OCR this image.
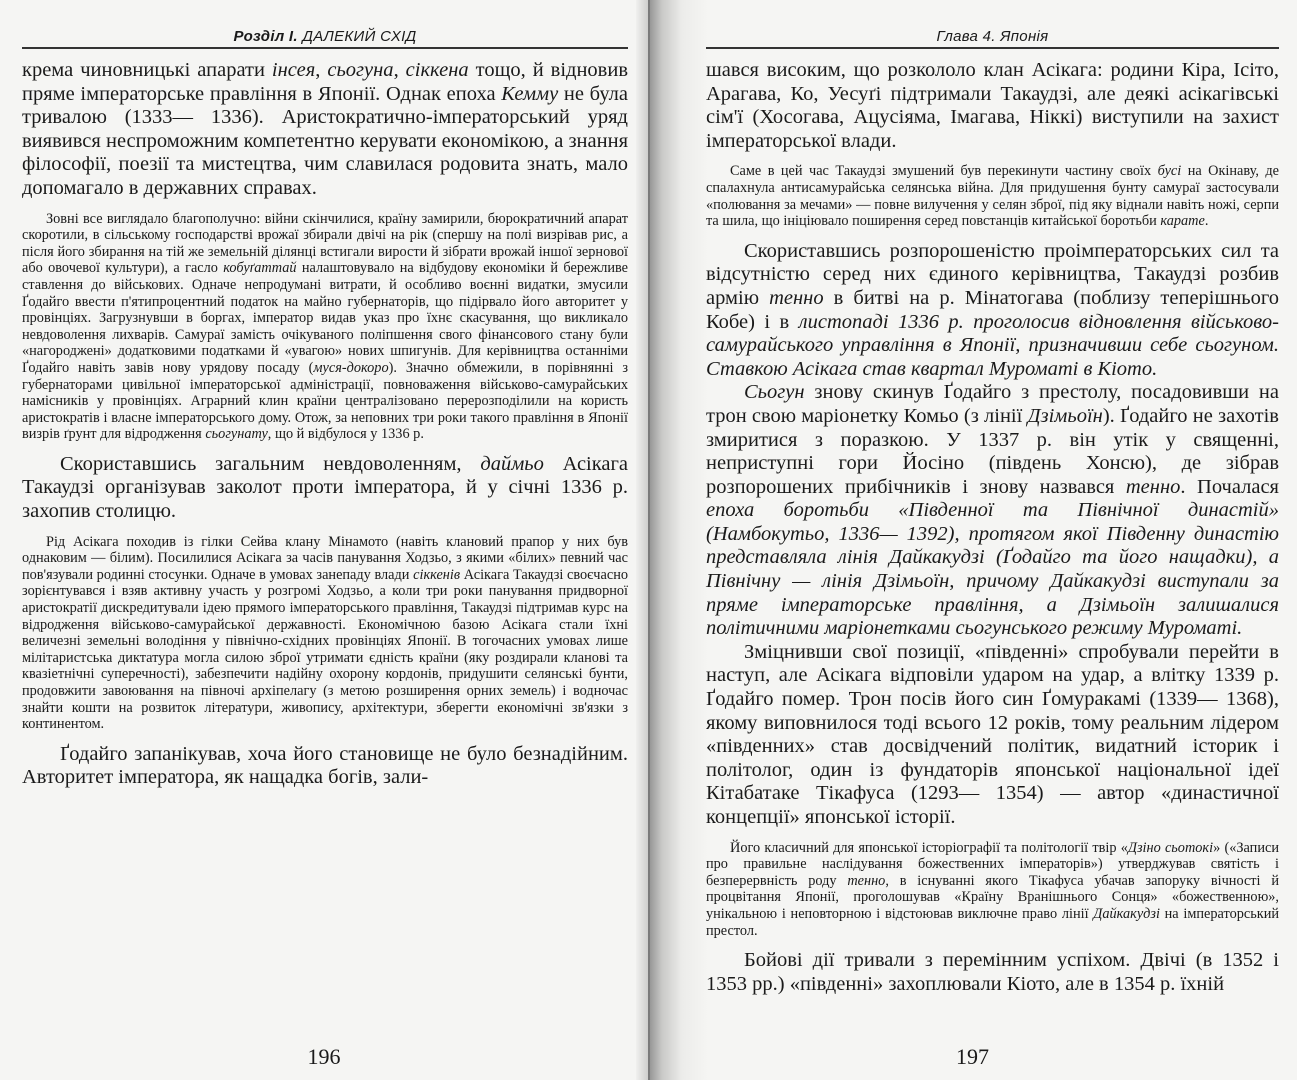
Розділ І. ДАЛЕКИЙ СХІД

крема чиновницькі апарати інсея, сьогуна, сіккена тощо, й відновив пряме імператорське правління в Японії. Однак епоха Кемму не була тривалою (1333— 1336). Аристократично-імператорський уряд виявився неспроможним компетентно керувати економікою, а знання філософії, поезії та мистецтва, чим славилася родовита знать, мало допомагало в державних справах.

Зовні все виглядало благополучно: війни скінчилися, країну замирили, бюрократичний апарат скоротили, в сільському господарстві врожаї збирали двічі на рік (спершу на полі визрівав рис, а після його збирання на тій же земельній ділянці встигали вирости й зібрати врожай іншої зернової або овочевої культури), а гасло кобуґаттай налаштовувало на відбудову економіки й бережливе ставлення до військових. Одначе непродумані витрати, й особливо воєнні видатки, змусили Ґодайго ввести п'ятипроцентний податок на майно губернаторів, що підірвало його авторитет у провінціях. Загрузнувши в боргах, імператор видав указ про їхнє скасування, що викликало невдоволення лихварів. Самураї замість очікуваного поліпшення свого фінансового стану були «нагороджені» додатковими податками й «увагою» нових шпигунів. Для керівництва останніми Ґодайго навіть завів нову урядову посаду (муся-докоро). Значно обмежили, в порівнянні з губернаторами цивільної імператорської адміністрації, повноваження військово-самурайських намісників у провінціях. Аграрний клин країни централізовано перерозподілили на користь аристократів і власне імператорського дому. Отож, за неповних три роки такого правління в Японії визрів ґрунт для відродження сьогунату, що й відбулося у 1336 р.

Скориставшись загальним невдоволенням, даймьо Асікага Такаудзі організував заколот проти імператора, й у січні 1336 р. захопив столицю.

Рід Асікага походив із гілки Сейва клану Мінамото (навіть клановий прапор у них був однаковим — білим). Посилилися Асікага за часів панування Ходзьо, з якими «білих» певний час пов'язували родинні стосунки. Одначе в умовах занепаду влади сіккенів Асікага Такаудзі своєчасно зорієнтувався і взяв активну участь у розгромі Ходзьо, а коли три роки панування придворної аристократії дискредитували ідею прямого імператорського правління, Такаудзі підтримав курс на відродження військово-самурайської державності. Економічною базою Асікага стали їхні величезні земельні володіння у північно-східних провінціях Японії. В тогочасних умовах лише мілітаристська диктатура могла силою зброї утримати єдність країни (яку роздирали клановi та квазіетнічні суперечності), забезпечити надійну охорону кордонів, придушити селянські бунти, продовжити завоювання на півночі архіпелагу (з метою розширення орних земель) і водночас знайти кошти на розвиток літератури, живопису, архітектури, зберегти економічні зв'язки з континентом.

Ґодайго запанікував, хоча його становище не було безнадійним. Авторитет імператора, як нащадка богів, зали-

196
Глава 4. Японія

шався високим, що розкололо клан Асікага: родини Кіра, Ісіто, Арагава, Ко, Уесуґі підтримали Такаудзі, але деякі асікагівські сім'ї (Хосогава, Ацусіяма, Імагава, Ніккі) виступили на захист імператорської влади.

Саме в цей час Такаудзі змушений був перекинути частину своїх бусі на Окінаву, де спалахнула антисамурайська селянська війна. Для придушення бунту самураї застосували «полювання за мечами» — повне вилучення у селян зброї, під яку віднали навіть ножі, серпи та шила, що ініціювало поширення серед повстанців китайської боротьби карате.

Скориставшись розпорошеністю проімператорських сил та відсутністю серед них єдиного керівництва, Такаудзі розбив армію тенно в битві на р. Мінатогава (поблизу теперішнього Кобе) і в листопаді 1336 р. проголосив відновлення військово-самурайського управління в Японії, призначивши себе сьогуном. Ставкою Асікага став квартал Муроматі в Кіото.

Сьогун знову скинув Ґодайго з престолу, посадовивши на трон свою маріонетку Комьо (з лінії Дзімьоїн). Ґодайго не захотів змиритися з поразкою. У 1337 р. він утік у священні, неприступні гори Йосіно (південь Хонсю), де зібрав розпорошених прибічників і знову назвався тенно. Почалася епоха боротьби «Південної та Північної династій» (Намбокутьо, 1336— 1392), протягом якої Південну династію представляла лінія Дайкакудзі (Ґодайго та його нащадки), а Північну — лінія Дзімьоїн, причому Дайкакудзі виступали за пряме імператорське правління, а Дзімьоїн залишалися політичними маріонетками сьогунського режиму Муроматі.

Зміцнивши свої позиції, «південні» спробували перейти в наступ, але Асікага відповіли ударом на удар, а влітку 1339 р. Ґодайго помер. Трон посів його син Ґомуракамі (1339— 1368), якому виповнилося тоді всього 12 років, тому реальним лідером «південних» став досвідчений політик, видатний історик і політолог, один із фундаторів японської національної ідеї Кітабатаке Тікафуса (1293— 1354) — автор «династичної концепції» японської історії.

Його класичний для японської історіографії та політології твір «Дзіно сьотокі» («Записи про правильне наслідування божественних імператорів») утверджував святість і безперервність роду тенно, в існуванні якого Тікафуса убачав запоруку вічності й процвітання Японії, проголошував «Країну Вранішнього Сонця» «божественною», унікальною і неповторною і відстоював виключне право лінії Дайкакудзі на імператорський престол.

Бойові дії тривали з перемінним успіхом. Двічі (в 1352 і 1353 рр.) «південні» захоплювали Кіото, але в 1354 р. їхній

197
